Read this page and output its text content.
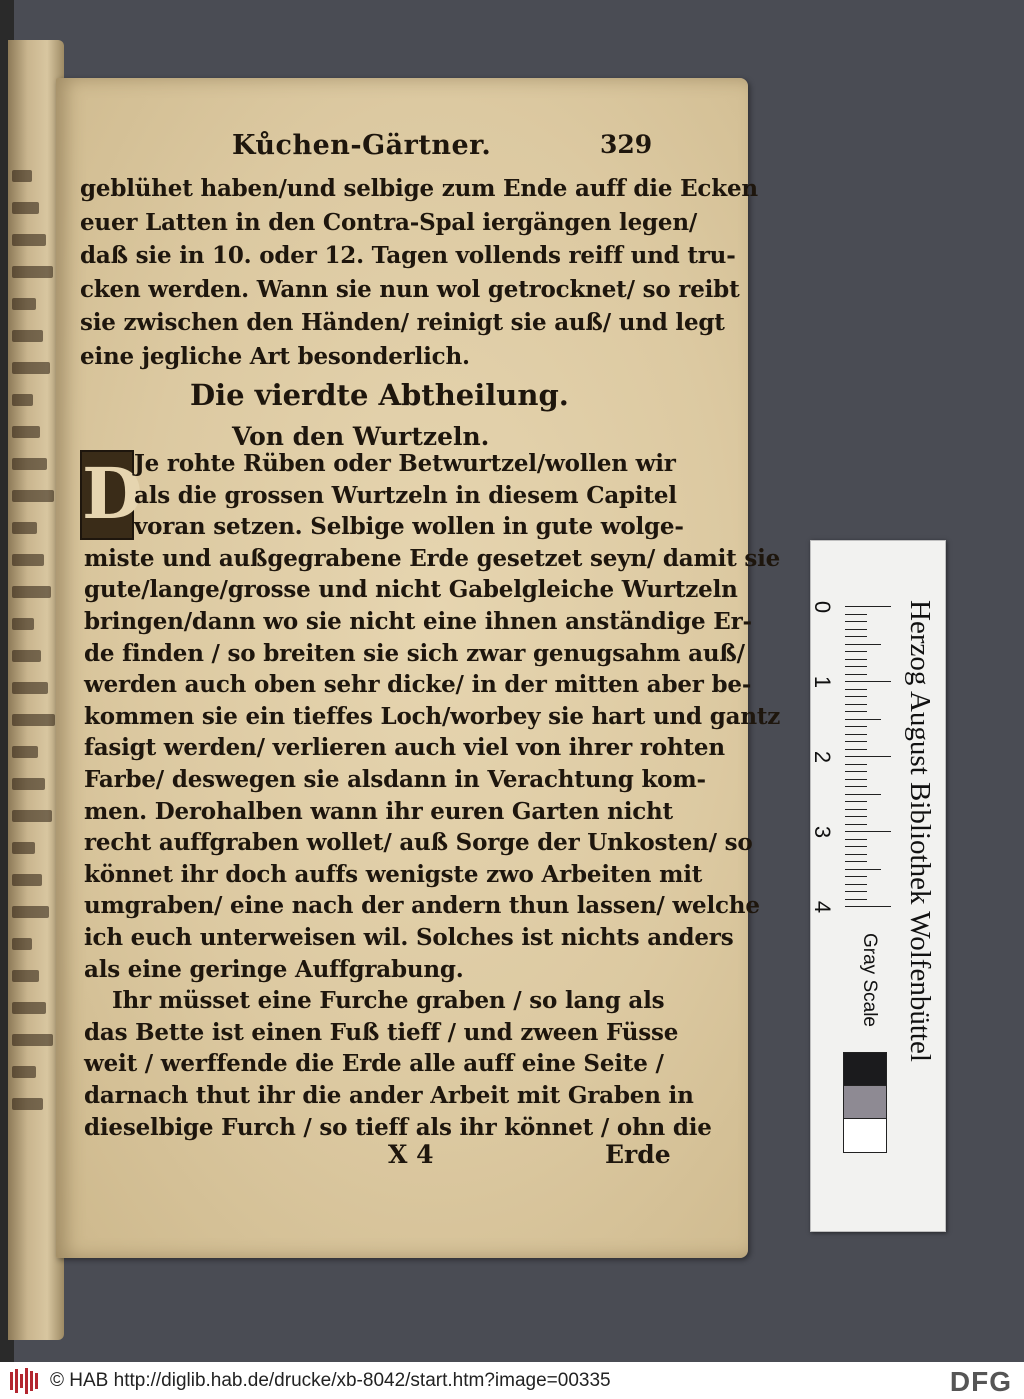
Kůchen-Gärtner.	329
geblühet haben/und selbige zum Ende auff die Ecken
euer Latten in den Contra-Spal iergängen legen/
daß sie in 10. oder 12. Tagen vollends reiff und tru-
cken werden. Wann sie nun wol getrocknet/ so reibt
sie zwischen den Händen/ reinigt sie auß/ und legt
eine jegliche Art besonderlich.
Die vierdte Abtheilung.
Von den Wurtzeln.
D
Je rohte Rüben oder Betwurtzel/wollen wir
als die grossen Wurtzeln in diesem Capitel
voran setzen. Selbige wollen in gute wolge-
miste und außgegrabene Erde gesetzet seyn/ damit sie
gute/lange/grosse und nicht Gabelgleiche Wurtzeln
bringen/dann wo sie nicht eine ihnen anständige Er-
de finden / so breiten sie sich zwar genugsahm auß/
werden auch oben sehr dicke/ in der mitten aber be-
kommen sie ein tieffes Loch/worbey sie hart und gantz
fasigt werden/ verlieren auch viel von ihrer rohten
Farbe/ deswegen sie alsdann in Verachtung kom-
men. Derohalben wann ihr euren Garten nicht
recht auffgraben wollet/ auß Sorge der Unkosten/ so
könnet ihr doch auffs wenigste zwo Arbeiten mit
umgraben/ eine nach der andern thun lassen/ welche
ich euch unterweisen wil. Solches ist nichts anders
als eine geringe Auffgrabung.
Ihr müsset eine Furche graben / so lang als
das Bette ist einen Fuß tieff / und zween Füsse
weit / werffende die Erde alle auff eine Seite /
darnach thut ihr die ander Arbeit mit Graben in
dieselbige Furch / so tieff als ihr könnet / ohn die
X 4	Erde
Herzog August Bibliothek Wolfenbüttel
Gray Scale
0
1
2
3
4
© HAB http://diglib.hab.de/drucke/xb-8042/start.htm?image=00335	DFG
